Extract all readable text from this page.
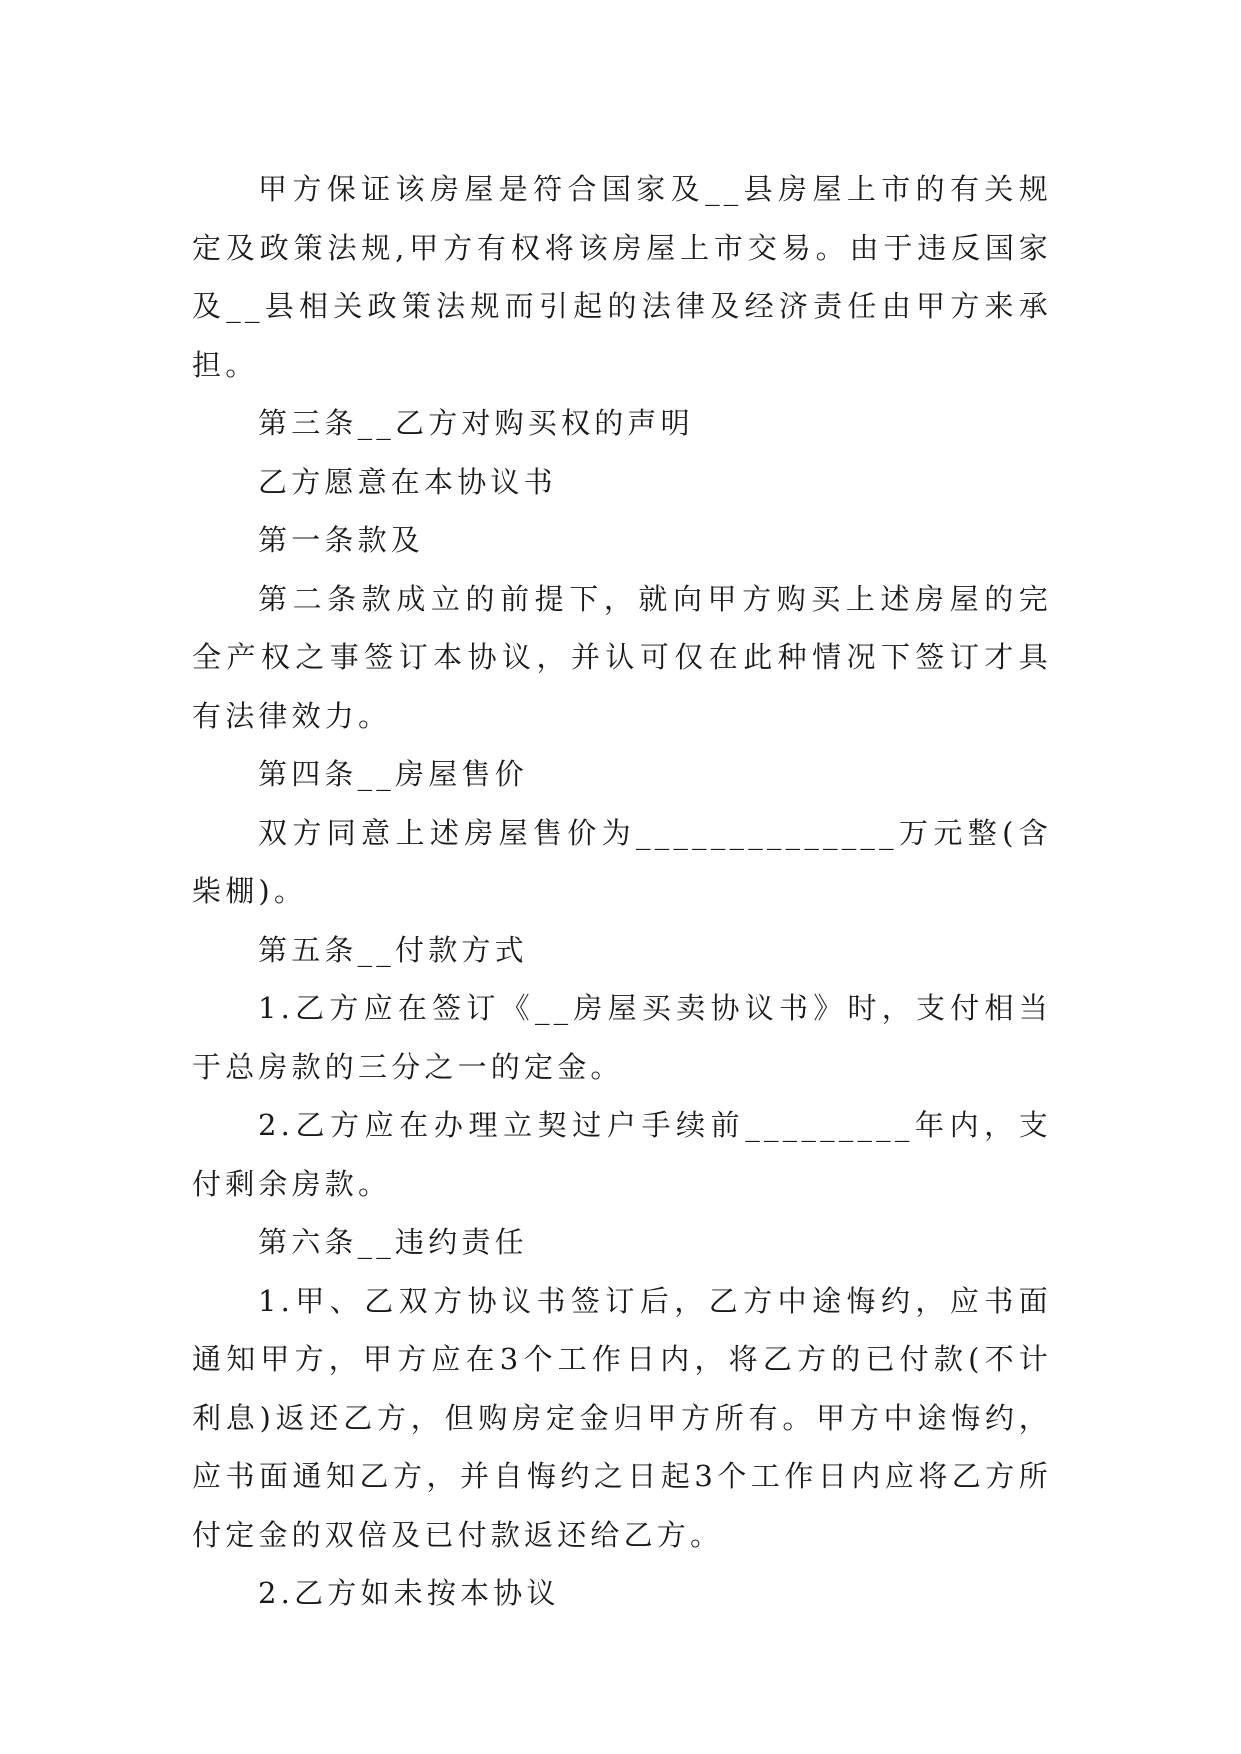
甲方保证该房屋是符合国家及__县房屋上市的有关规定及政策法规,甲方有权将该房屋上市交易。由于违反国家及__县相关政策法规而引起的法律及经济责任由甲方来承担。

第三条__乙方对购买权的声明

乙方愿意在本协议书

第一条款及

第二条款成立的前提下，就向甲方购买上述房屋的完全产权之事签订本协议，并认可仅在此种情况下签订才具有法律效力。

第四条__房屋售价

双方同意上述房屋售价为______________万元整(含柴棚)。

第五条__付款方式

1.乙方应在签订《__房屋买卖协议书》时，支付相当于总房款的三分之一的定金。

2.乙方应在办理立契过户手续前_________年内，支付剩余房款。

第六条__违约责任

1.甲、乙双方协议书签订后，乙方中途悔约，应书面通知甲方，甲方应在3个工作日内，将乙方的已付款(不计利息)返还乙方，但购房定金归甲方所有。甲方中途悔约，应书面通知乙方，并自悔约之日起3个工作日内应将乙方所付定金的双倍及已付款返还给乙方。

2.乙方如未按本协议
